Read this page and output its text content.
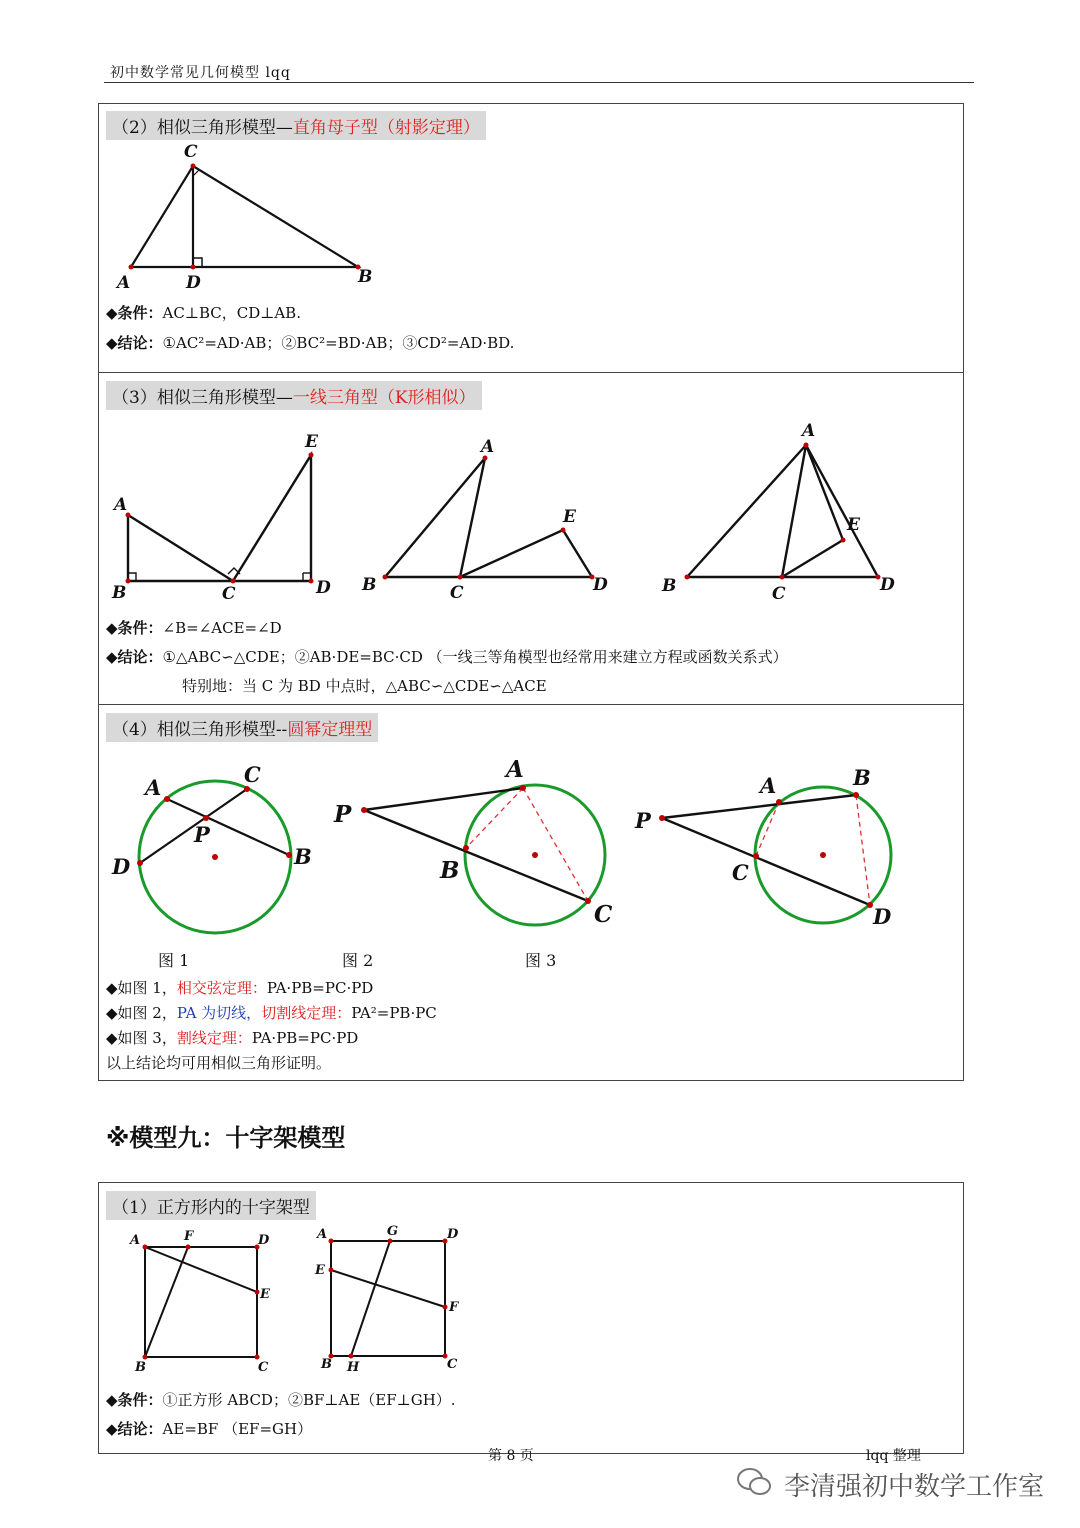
初中数学常见几何模型 lqq
（2）相似三角形模型—直角母子型（射影定理）
C
A	D	B
◆条件：AC⊥BC，CD⊥AB.
◆结论：①AC²=AD·AB；②BC²=BD·AB；③CD²=AD·BD.
（3）相似三角形模型—一线三角型（K形相似）
A
B	C	D
E	A
B	C	D
E
A
B	C	D
E
◆条件：∠B=∠ACE=∠D
◆结论：①△ABC∽△CDE；②AB·DE=BC·CD （一线三等角模型也经常用来建立方程或函数关系式）
特别地：当 C 为 BD 中点时，△ABC∽△CDE∽△ACE
（4）相似三角形模型--圆幂定理型
A
C
P
B
D
P
A
B
C
P
A	B
C
D
图 1	图 2	图 3
◆如图 1，相交弦定理：PA·PB=PC·PD
◆如图 2，PA 为切线，切割线定理：PA²=PB·PC
◆如图 3，割线定理：PA·PB=PC·PD
以上结论均可用相似三角形证明。
※模型九：十字架模型
（1）正方形内的十字架型
A	F	D
E
B	C
A	G	D
E
F
B H	C
◆条件：①正方形 ABCD；②BF⊥AE（EF⊥GH）.
◆结论：AE=BF （EF=GH）
第 8 页	lqq 整理
李清强初中数学工作室
